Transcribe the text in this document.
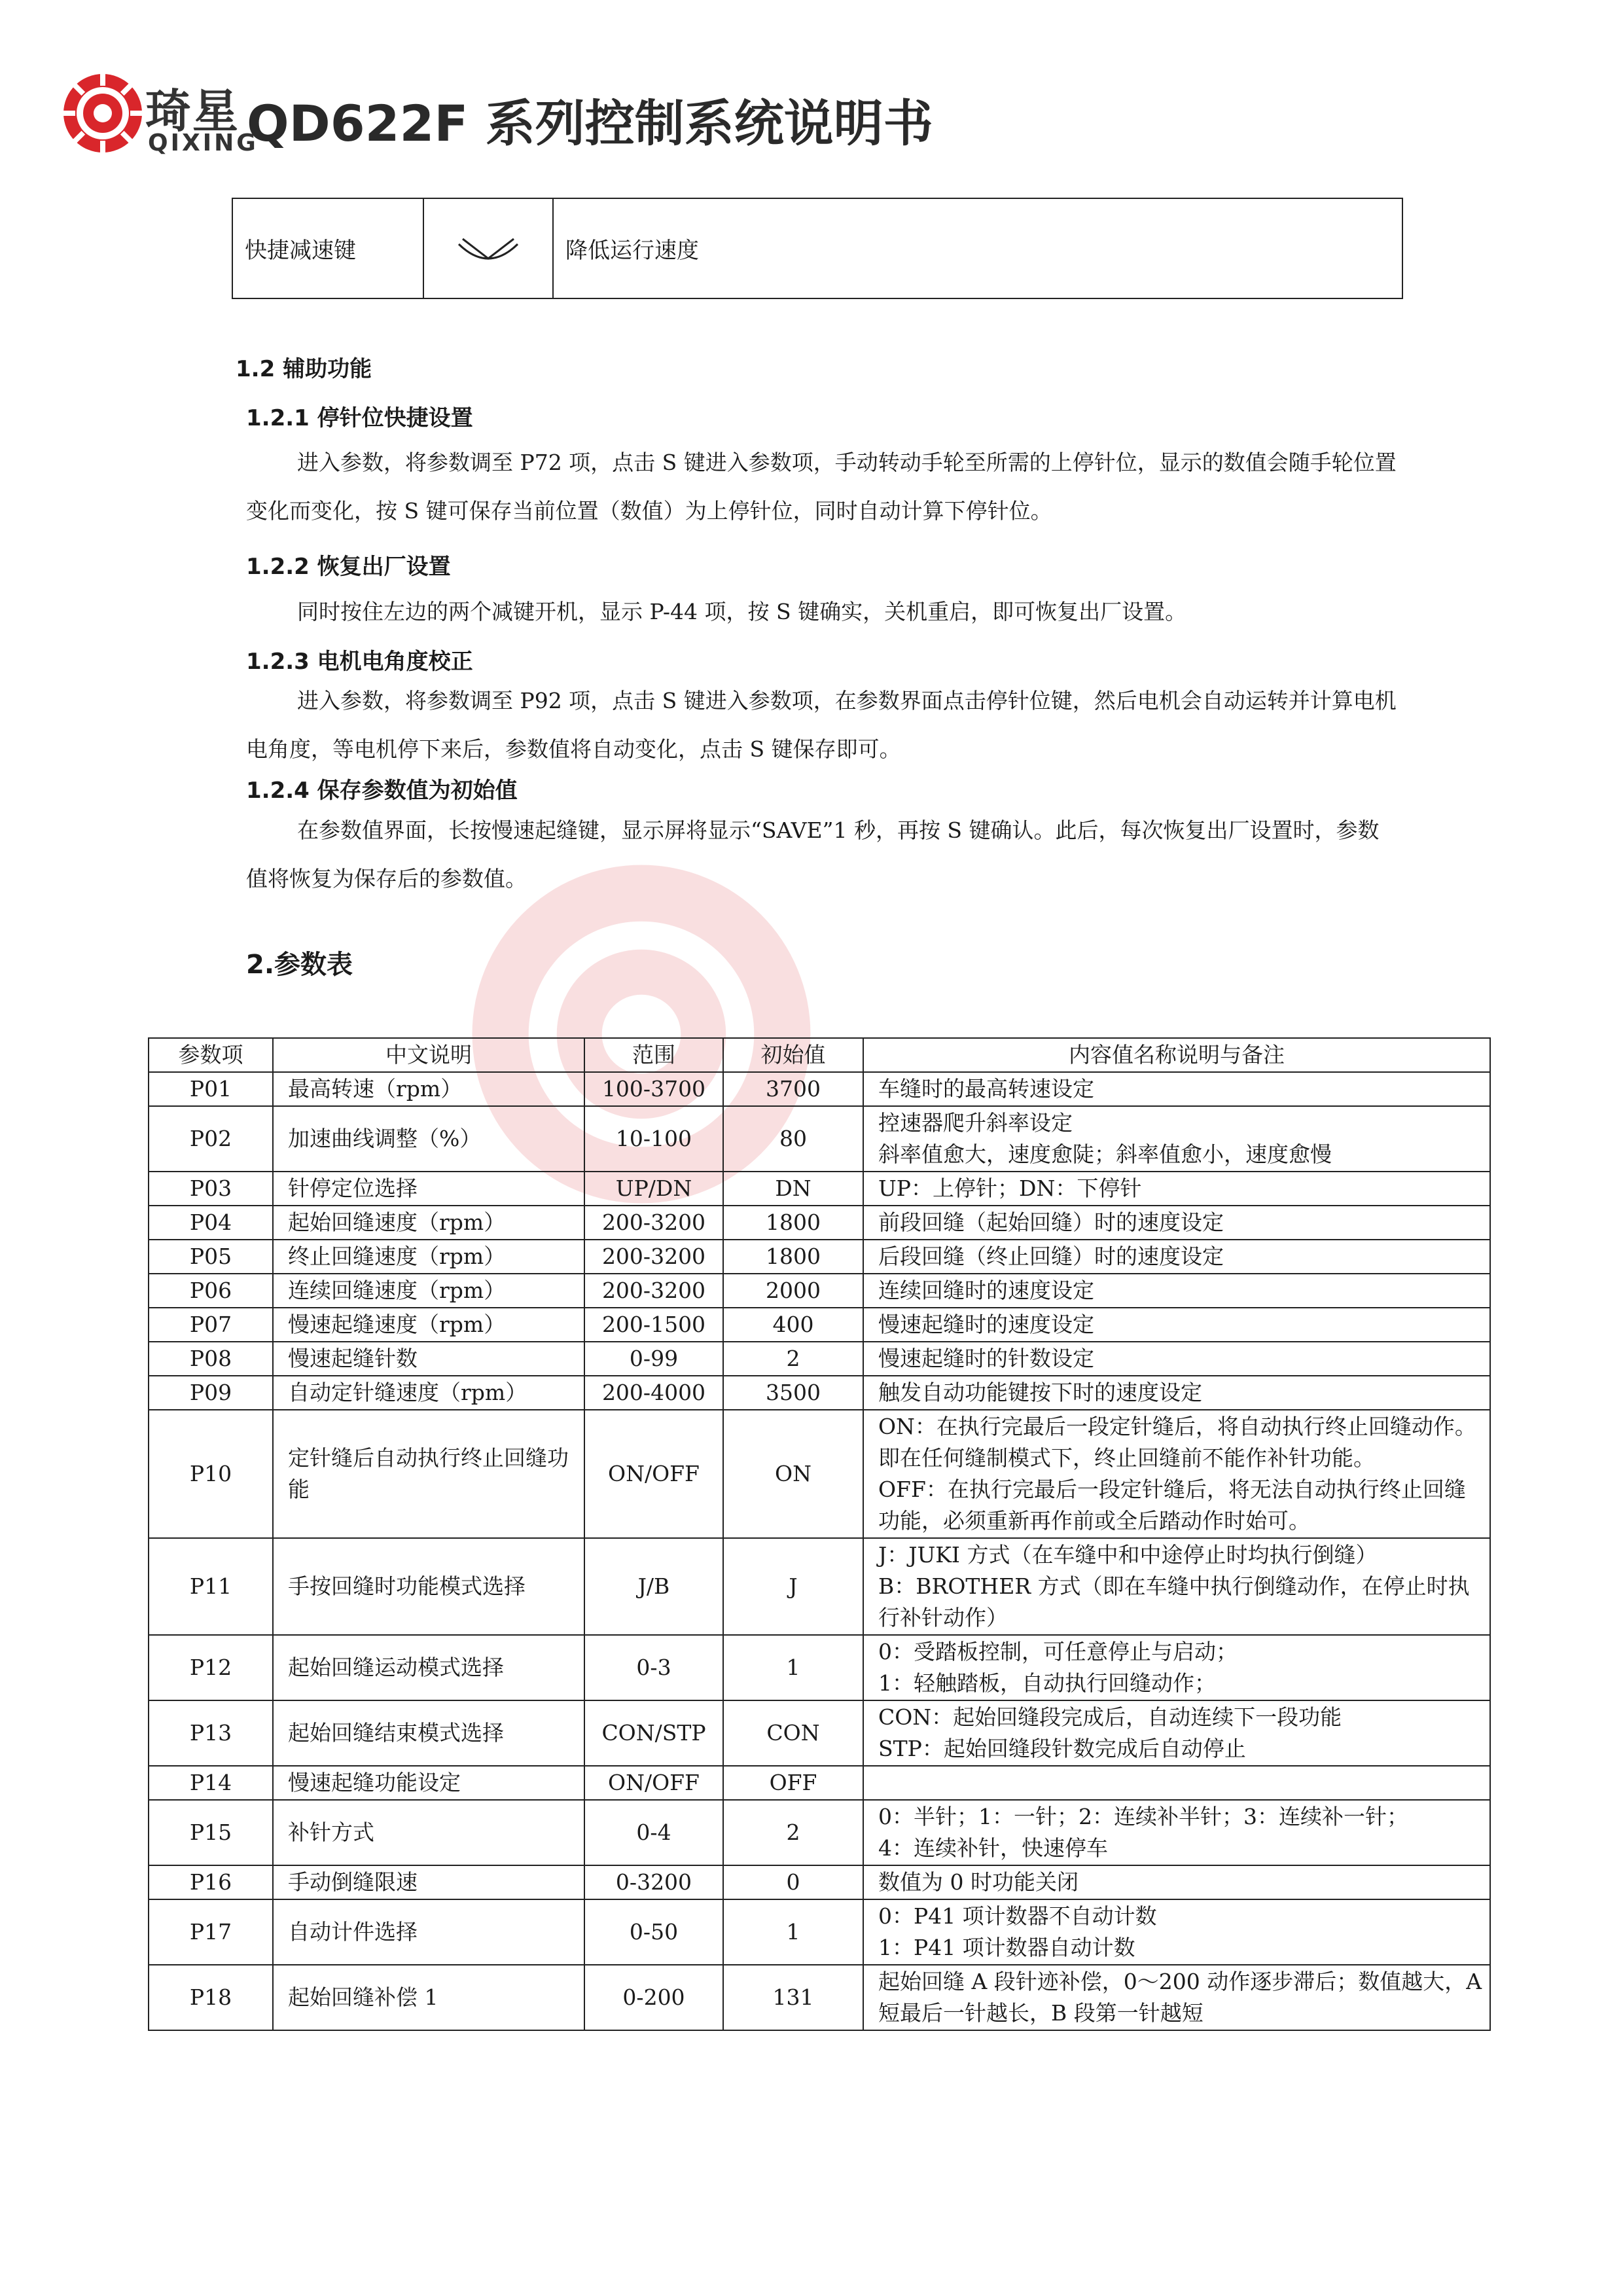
琦星
QIXING
QD622F 系列控制系统说明书
快捷减速键		降低运行速度
1.2 辅助功能
1.2.1 停针位快捷设置

进入参数，将参数调至 P72 项，点击 S 键进入参数项，手动转动手轮至所需的上停针位，显示的数值会随手轮位置变化而变化，按 S 键可保存当前位置（数值）为上停针位，同时自动计算下停针位。

1.2.2 恢复出厂设置

同时按住左边的两个减键开机，显示 P-44 项，按 S 键确实，关机重启，即可恢复出厂设置。

1.2.3 电机电角度校正

进入参数，将参数调至 P92 项，点击 S 键进入参数项，在参数界面点击停针位键，然后电机会自动运转并计算电机电角度，等电机停下来后，参数值将自动变化，点击 S 键保存即可。

1.2.4 保存参数值为初始值

在参数值界面，长按慢速起缝键，显示屏将显示“SAVE”1 秒，再按 S 键确认。此后，每次恢复出厂设置时，参数值将恢复为保存后的参数值。

2.参数表
参数项	中文说明	范围	初始值	内容值名称说明与备注
P01	最高转速（rpm）	100-3700	3700	车缝时的最高转速设定
P02	加速曲线调整（%）	10-100	80	控速器爬升斜率设定
斜率值愈大，速度愈陡；斜率值愈小，速度愈慢
P03	针停定位选择	UP/DN	DN	UP：上停针；DN：下停针
P04	起始回缝速度（rpm）	200-3200	1800	前段回缝（起始回缝）时的速度设定
P05	终止回缝速度（rpm）	200-3200	1800	后段回缝（终止回缝）时的速度设定
P06	连续回缝速度（rpm）	200-3200	2000	连续回缝时的速度设定
P07	慢速起缝速度（rpm）	200-1500	400	慢速起缝时的速度设定
P08	慢速起缝针数	0-99	2	慢速起缝时的针数设定
P09	自动定针缝速度（rpm）	200-4000	3500	触发自动功能键按下时的速度设定
P10	定针缝后自动执行终止回缝功能	ON/OFF	ON	ON：在执行完最后一段定针缝后，将自动执行终止回缝动作。即在任何缝制模式下，终止回缝前不能作补针功能。
OFF：在执行完最后一段定针缝后，将无法自动执行终止回缝功能，必须重新再作前或全后踏动作时始可。
P11	手按回缝时功能模式选择	J/B	J	J：JUKI 方式（在车缝中和中途停止时均执行倒缝）
B：BROTHER 方式（即在车缝中执行倒缝动作，在停止时执行补针动作）
P12	起始回缝运动模式选择	0-3	1	0：受踏板控制，可任意停止与启动；
1：轻触踏板，自动执行回缝动作；
P13	起始回缝结束模式选择	CON/STP	CON	CON：起始回缝段完成后，自动连续下一段功能
STP：起始回缝段针数完成后自动停止
P14	慢速起缝功能设定	ON/OFF	OFF	
P15	补针方式	0-4	2	0：半针；1：一针；2：连续补半针；3：连续补一针；
4：连续补针，快速停车
P16	手动倒缝限速	0-3200	0	数值为 0 时功能关闭
P17	自动计件选择	0-50	1	0：P41 项计数器不自动计数
1：P41 项计数器自动计数
P18	起始回缝补偿 1	0-200	131	起始回缝 A 段针迹补偿，0～200 动作逐步滞后；数值越大，A 短最后一针越长，B 段第一针越短
